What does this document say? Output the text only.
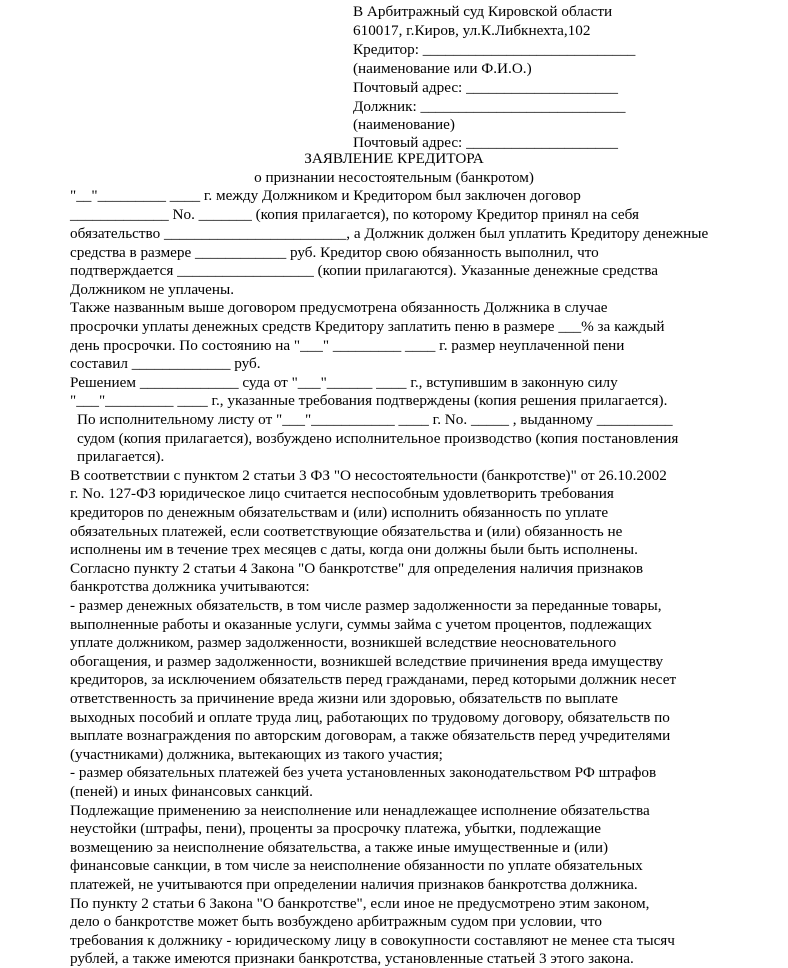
В Арбитражный суд Кировской области
610017, г.Киров, ул.К.Либкнехта,102
Кредитор: ____________________________
(наименование или Ф.И.О.)
Почтовый адрес: ____________________
Должник: ___________________________
(наименование)
Почтовый адрес: ____________________
ЗАЯВЛЕНИЕ КРЕДИТОРА
о признании несостоятельным (банкротом)
"__"_________ ____ г. между Должником и Кредитором был заключен договор
_____________ No. _______ (копия прилагается), по которому Кредитор принял на себя
обязательство ________________________, а Должник должен был уплатить Кредитору денежные
средства в размере ____________ руб. Кредитор свою обязанность выполнил, что
подтверждается __________________ (копии прилагаются). Указанные денежные средства
Должником не уплачены.
Также названным выше договором предусмотрена обязанность Должника в случае
просрочки уплаты денежных средств Кредитору заплатить пеню в размере ___% за каждый
день просрочки. По состоянию на "___" _________ ____ г. размер неуплаченной пени
составил _____________ руб.
Решением _____________ суда от "___"______ ____ г., вступившим в законную силу
"___"_________ ____ г., указанные требования подтверждены (копия решения прилагается).
По исполнительному листу от "___"___________ ____ г. No. _____ , выданному __________
судом (копия прилагается), возбуждено исполнительное производство (копия постановления
прилагается).
В соответствии с пунктом 2 статьи 3 ФЗ "О несостоятельности (банкротстве)" от 26.10.2002
г. No. 127-ФЗ юридическое лицо считается неспособным удовлетворить требования
кредиторов по денежным обязательствам и (или) исполнить обязанность по уплате
обязательных платежей, если соответствующие обязательства и (или) обязанность не
исполнены им в течение трех месяцев с даты, когда они должны были быть исполнены.
Согласно пункту 2 статьи 4 Закона "О банкротстве" для определения наличия признаков
банкротства должника учитываются:
- размер денежных обязательств, в том числе размер задолженности за переданные товары,
выполненные работы и оказанные услуги, суммы займа с учетом процентов, подлежащих
уплате должником, размер задолженности, возникшей вследствие неосновательного
обогащения, и размер задолженности, возникшей вследствие причинения вреда имуществу
кредиторов, за исключением обязательств перед гражданами, перед которыми должник несет
ответственность за причинение вреда жизни или здоровью, обязательств по выплате
выходных пособий и оплате труда лиц, работающих по трудовому договору, обязательств по
выплате вознаграждения по авторским договорам, а также обязательств перед учредителями
(участниками) должника, вытекающих из такого участия;
- размер обязательных платежей без учета установленных законодательством РФ штрафов
(пеней) и иных финансовых санкций.
Подлежащие применению за неисполнение или ненадлежащее исполнение обязательства
неустойки (штрафы, пени), проценты за просрочку платежа, убытки, подлежащие
возмещению за неисполнение обязательства, а также иные имущественные и (или)
финансовые санкции, в том числе за неисполнение обязанности по уплате обязательных
платежей, не учитываются при определении наличия признаков банкротства должника.
По пункту 2 статьи 6 Закона "О банкротстве", если иное не предусмотрено этим законом,
дело о банкротстве может быть возбуждено арбитражным судом при условии, что
требования к должнику - юридическому лицу в совокупности составляют не менее ста тысяч
рублей, а также имеются признаки банкротства, установленные статьей 3 этого закона.
